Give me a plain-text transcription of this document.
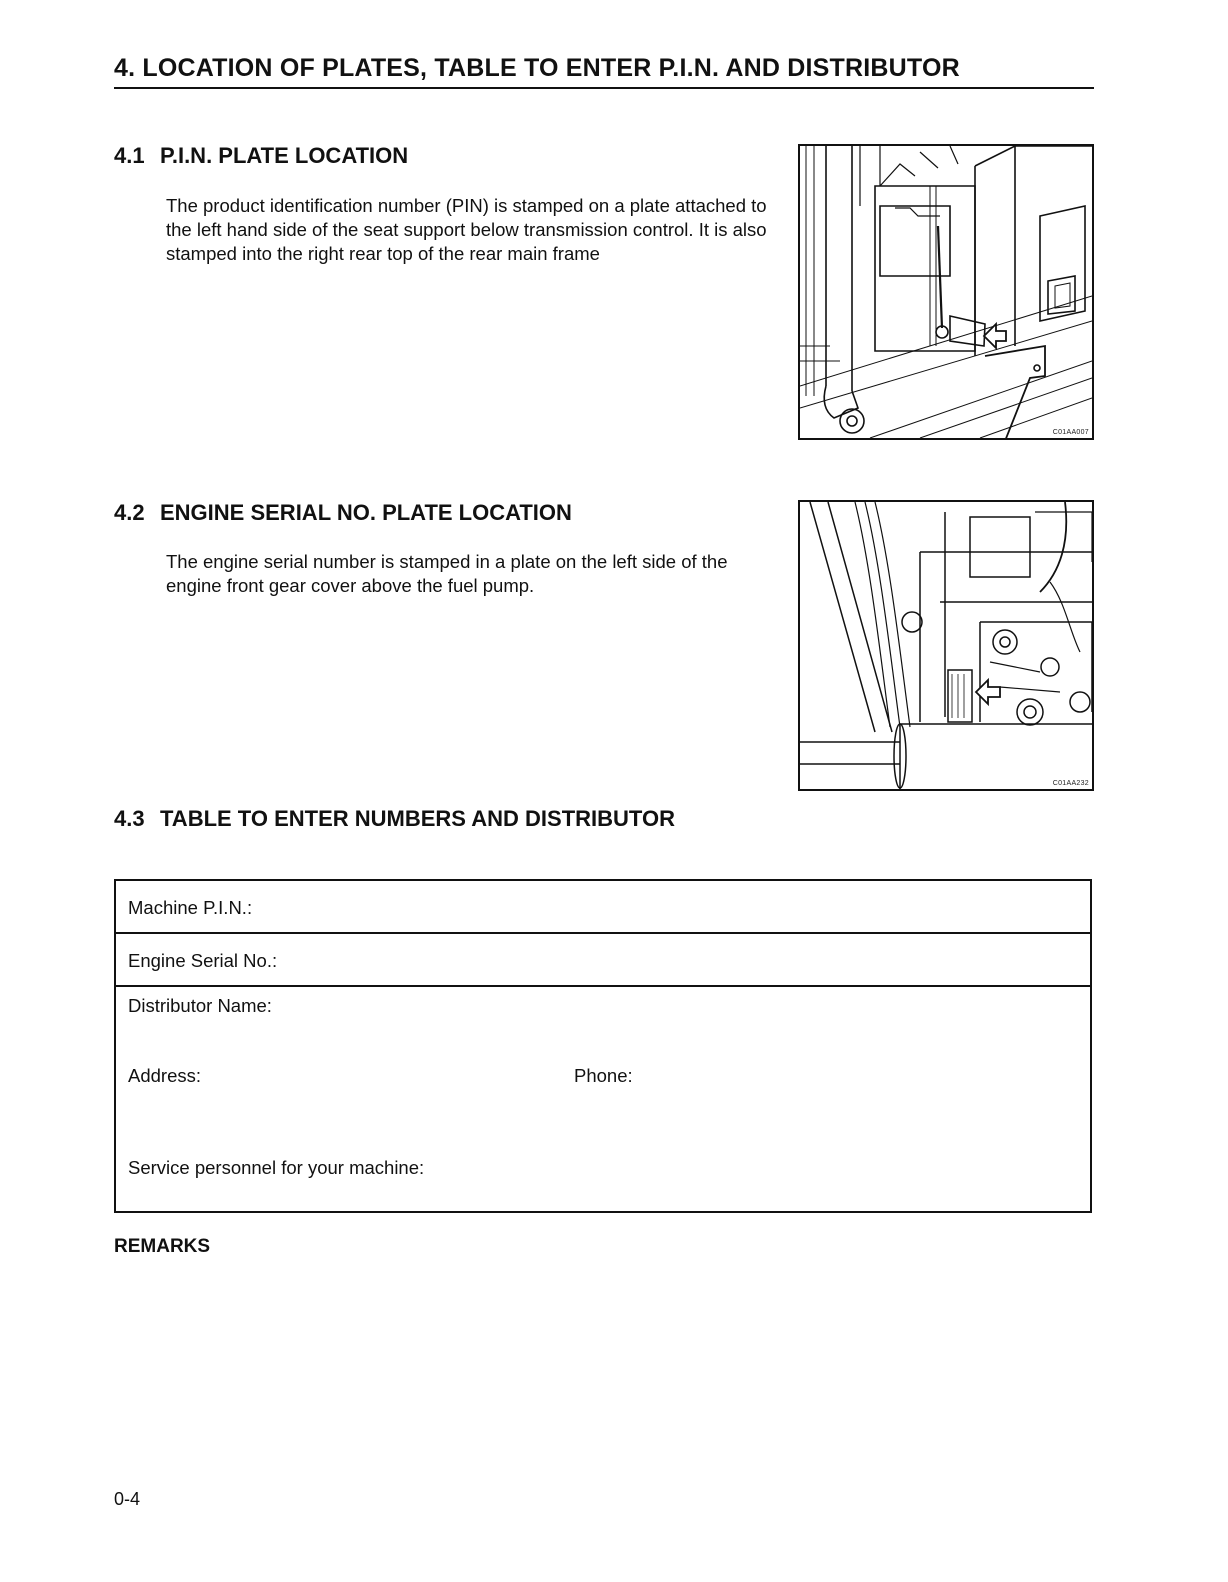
4. LOCATION OF PLATES, TABLE TO ENTER P.I.N. AND DISTRIBUTOR
4.1 P.I.N. PLATE LOCATION
The product identification number (PIN) is stamped on a plate attached to the left hand side of the seat support below transmission control. It is also stamped into the right rear top of the rear main frame
C01AA007
4.2 ENGINE SERIAL NO. PLATE LOCATION
The engine serial number is stamped in a plate on the left side of the engine front gear cover above the fuel pump.
C01AA232
4.3 TABLE TO ENTER NUMBERS AND DISTRIBUTOR
Machine P.I.N.:
Engine Serial No.:
Distributor Name:
Address:	Phone:
Service personnel for your machine:
REMARKS
0-4
